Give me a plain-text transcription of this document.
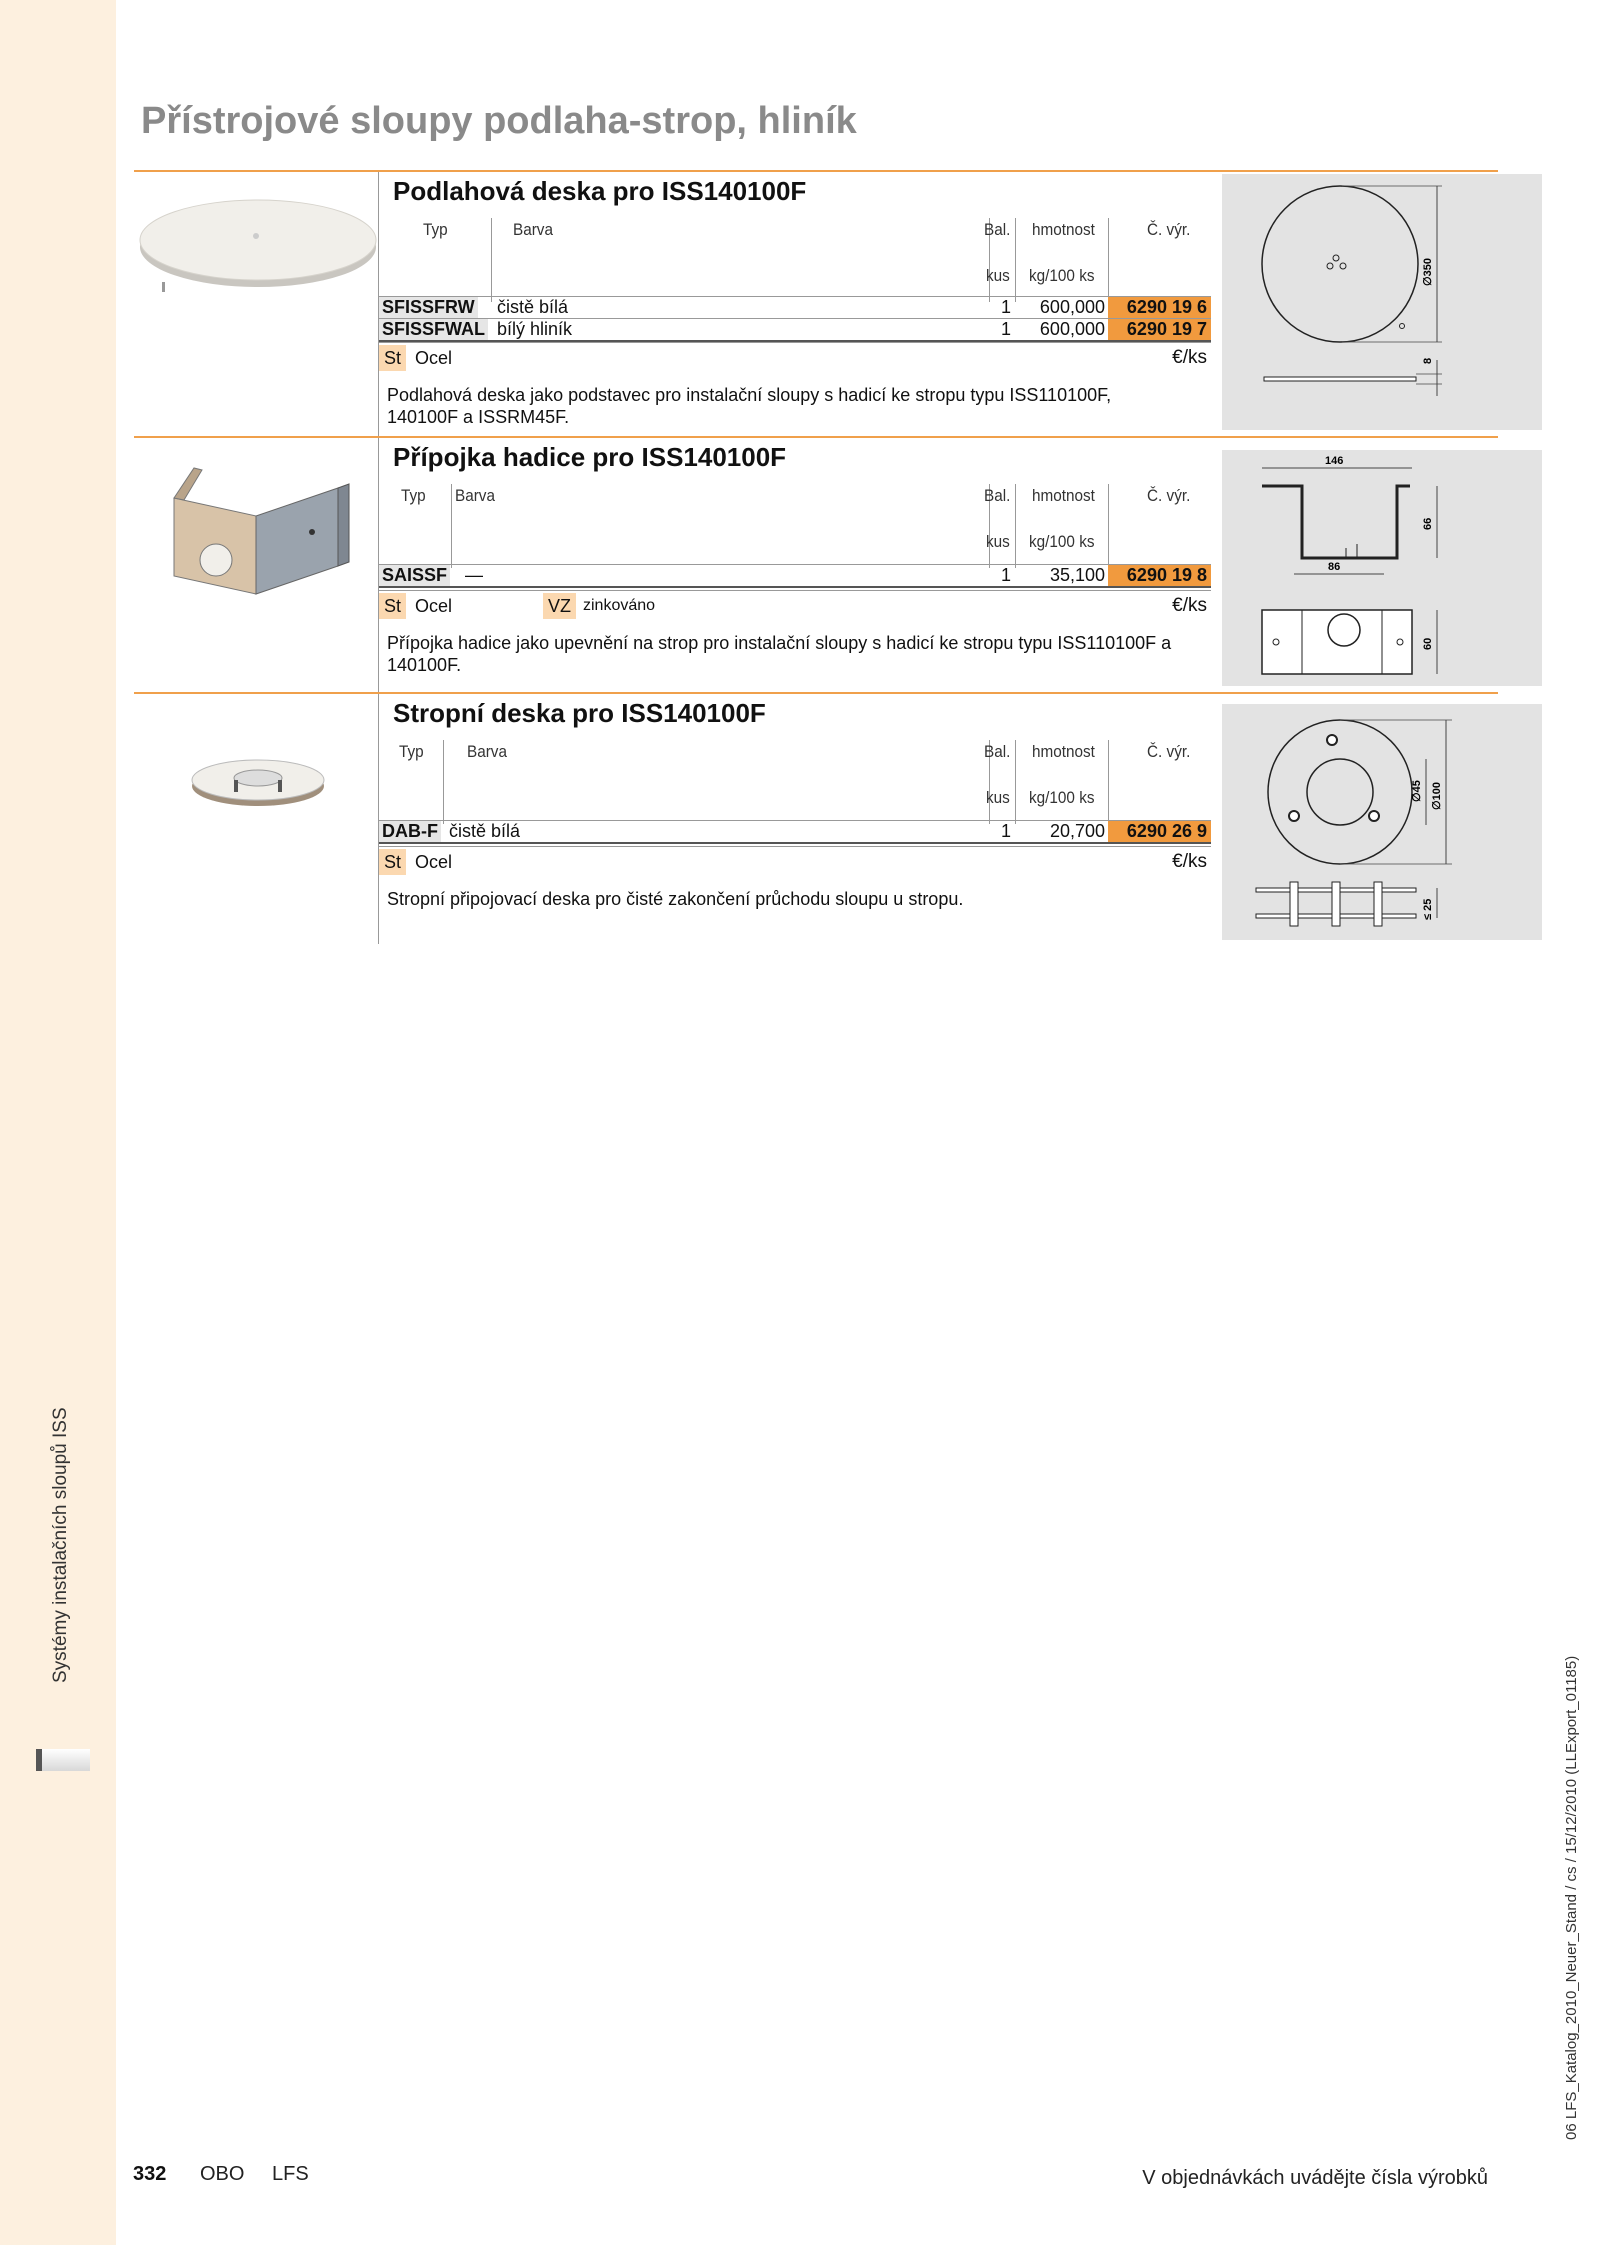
Systémy instalačních sloupů ISS
Přístrojové sloupy podlaha-strop, hliník
Podlahová deska pro ISS140100F
Typ	Barva	Bal. hmotnost	Č. výr.
kus kg/100 ks
SFISSFRW čistě bílá	1	600,000	6290 19 6
SFISSFWAL bílý hliník	1	600,000	6290 19 7
St Ocel	€/ks

Podlahová deska jako podstavec pro instalační sloupy s hadicí ke stropu typu ISS110100F, 140100F a ISSRM45F.

∅350
8
Přípojka hadice pro ISS140100F
Typ Barva	Bal. hmotnost	Č. výr.
kus kg/100 ks
SAISSF —	1	35,100	6290 19 8
St Ocel	VZ zinkováno	€/ks

Přípojka hadice jako upevnění na strop pro instalační sloupy s hadicí ke stropu typu ISS110100F a 140100F.

146
66
86
60
Stropní deska pro ISS140100F
Typ	Barva	Bal. hmotnost	Č. výr.
kus kg/100 ks
DAB-F čistě bílá	1	20,700	6290 26 9
St Ocel	€/ks

Stropní připojovací deska pro čisté zakončení průchodu sloupu u stropu.

∅45 ∅100
≤ 25
332 OBO LFS	V objednávkách uvádějte čísla výrobků
06 LFS_Katalog_2010_Neuer_Stand / cs / 15/12/2010 (LLExport_01185)
